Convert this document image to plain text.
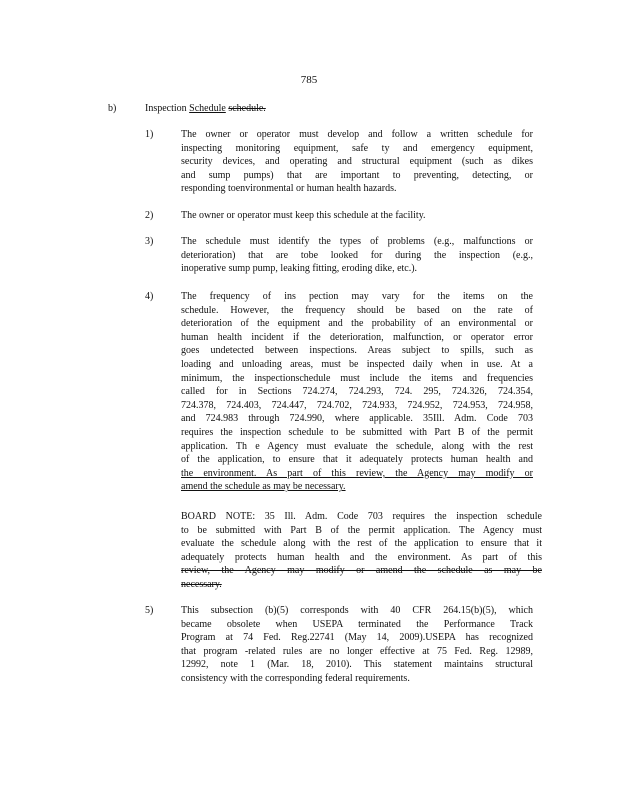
785
b)	Inspection Schedule schedule.
1)	The owner or operator must develop and follow a written schedule for
inspecting monitoring equipment, safe ty and emergency equipment,
security devices, and operating and structural equipment (such as dikes
and sump pumps) that are important to preventing, detecting, or
responding toenvironmental or human health hazards.
2)	The owner or operator must keep this schedule at the facility.
3)	The schedule must identify the types of problems (e.g., malfunctions or
deterioration) that are tobe looked for during the inspection (e.g.,
inoperative sump pump, leaking fitting, eroding dike, etc.).
4)	The frequency of ins pection may vary for the items on the
schedule. However, the frequency should be based on the rate of
deterioration of the equipment and the probability of an environmental or
human health incident if the deterioration, malfunction, or operator error
goes undetected between inspections. Areas subject to spills, such as
loading and unloading areas, must be inspected daily when in use. At a
minimum, the inspectionschedule must include the items and frequencies
called for in Sections 724.274, 724.293, 724. 295, 724.326, 724.354,
724.378, 724.403, 724.447, 724.702, 724.933, 724.952, 724.953, 724.958,
and 724.983 through 724.990, where applicable. 35Ill. Adm. Code 703
requires the inspection schedule to be submitted with Part B of the permit
application. Th e Agency must evaluate the schedule, along with the rest
of the application, to ensure that it adequately protects human health and
the environment. As part of this review, the Agency may modify or
amend the schedule as may be necessary.
BOARD NOTE: 35 Ill. Adm. Code 703 requires the inspection schedule
to be submitted with Part B of the permit application. The Agency must
evaluate the schedule along with the rest of the application to ensure that it
adequately protects human health and the environment. As part of this
review, the Agency may modify or amend the schedule as may be
necessary.
5)	This subsection (b)(5) corresponds with 40 CFR 264.15(b)(5), which
became obsolete when USEPA terminated the Performance Track
Program at 74 Fed. Reg.22741 (May 14, 2009).USEPA has recognized
that program -related rules are no longer effective at 75 Fed. Reg. 12989,
12992, note 1 (Mar. 18, 2010). This statement maintains structural
consistency with the corresponding federal requirements.
